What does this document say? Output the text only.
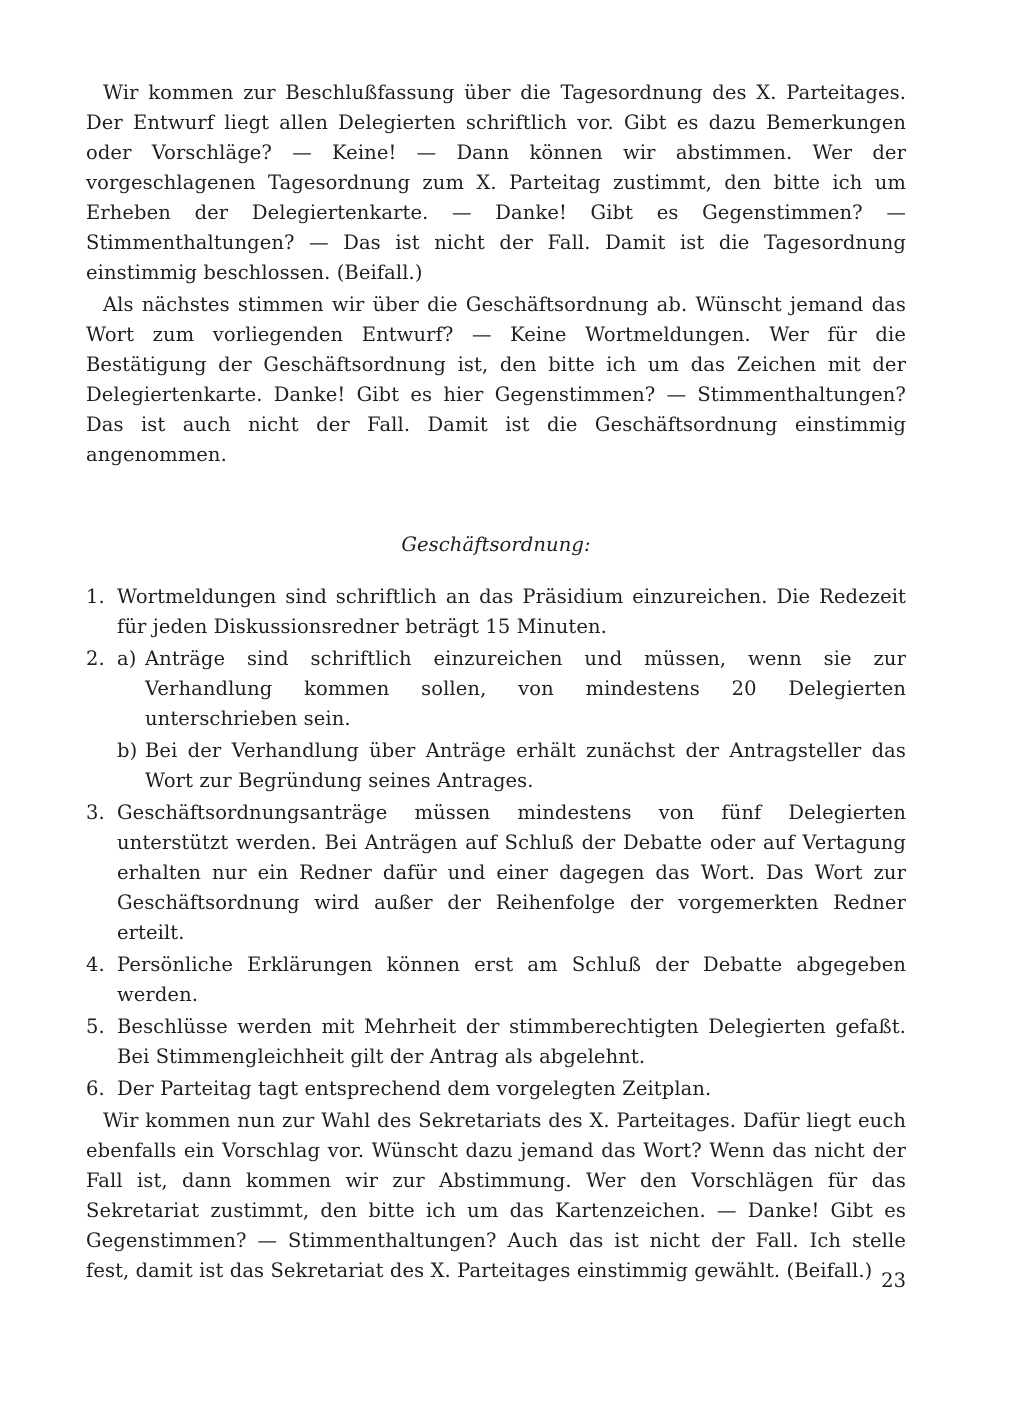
Wir kommen zur Beschlußfassung über die Tagesordnung des X. Parteitages. Der Entwurf liegt allen Delegierten schriftlich vor. Gibt es dazu Bemerkungen oder Vorschläge? — Keine! — Dann können wir abstimmen. Wer der vorgeschlagenen Tagesordnung zum X. Parteitag zustimmt, den bitte ich um Erheben der Delegiertenkarte. — Danke! Gibt es Gegenstimmen? — Stimmenthaltungen? — Das ist nicht der Fall. Damit ist die Tagesordnung einstimmig beschlossen. (Beifall.)

Als nächstes stimmen wir über die Geschäftsordnung ab. Wünscht jemand das Wort zum vorliegenden Entwurf? — Keine Wortmeldungen. Wer für die Bestätigung der Geschäftsordnung ist, den bitte ich um das Zeichen mit der Delegiertenkarte. Danke! Gibt es hier Gegenstimmen? — Stimmenthaltungen? Das ist auch nicht der Fall. Damit ist die Geschäftsordnung einstimmig angenommen.

Geschäftsordnung:
1. Wortmeldungen sind schriftlich an das Präsidium einzureichen. Die Redezeit für jeden Diskussionsredner beträgt 15 Minuten.
2. a) Anträge sind schriftlich einzureichen und müssen, wenn sie zur Verhandlung kommen sollen, von mindestens 20 Delegierten unterschrieben sein.
b) Bei der Verhandlung über Anträge erhält zunächst der Antragsteller das Wort zur Begründung seines Antrages.
3. Geschäftsordnungsanträge müssen mindestens von fünf Delegierten unterstützt werden. Bei Anträgen auf Schluß der Debatte oder auf Vertagung erhalten nur ein Redner dafür und einer dagegen das Wort. Das Wort zur Geschäftsordnung wird außer der Reihenfolge der vorgemerkten Redner erteilt.
4. Persönliche Erklärungen können erst am Schluß der Debatte abgegeben werden.
5. Beschlüsse werden mit Mehrheit der stimmberechtigten Delegierten gefaßt. Bei Stimmengleichheit gilt der Antrag als abgelehnt.
6. Der Parteitag tagt entsprechend dem vorgelegten Zeitplan.

Wir kommen nun zur Wahl des Sekretariats des X. Parteitages. Dafür liegt euch ebenfalls ein Vorschlag vor. Wünscht dazu jemand das Wort? Wenn das nicht der Fall ist, dann kommen wir zur Abstimmung. Wer den Vorschlägen für das Sekretariat zustimmt, den bitte ich um das Kartenzeichen. — Danke! Gibt es Gegenstimmen? — Stimmenthaltungen? Auch das ist nicht der Fall. Ich stelle fest, damit ist das Sekretariat des X. Parteitages einstimmig gewählt. (Beifall.) 23
